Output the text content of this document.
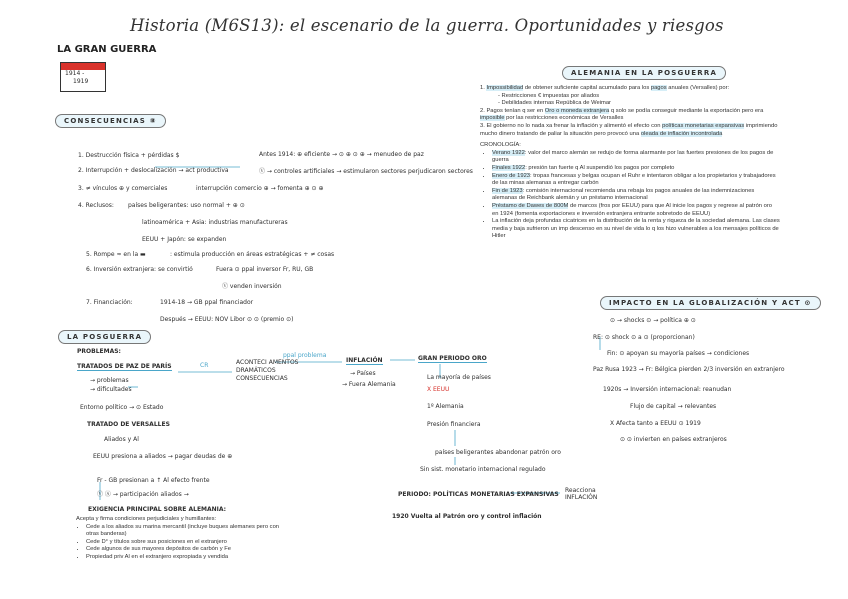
Historia (M6S13): el escenario de la guerra. Oportunidades y riesgos
LA GRAN GUERRA
1914 -
1919
CONSECUENCIAS ⑧
1. Destrucción física + pérdidas $
2. Interrupción + deslocalización → act productiva
3. ≠ vínculos ⊕ y comerciales
4. Reclusos:
5. Rompe ≈ en la ▬
6. Inversión extranjera: se convirtió
7. Financiación:
Antes 1914: ⊕ eficiente → ⊙ ⊕ ⊙ ⊕ → menudeo de paz
Ⓥ → controles artificiales → estimularon sectores perjudicaron sectores
interrupción comercio ⊕ → fomenta ⊕ ⊙ ⊕
países beligerantes: uso normal + ⊕ ⊙
latinoamérica + Asia: industrias manufactureras
EEUU + Japón: se expanden
: estimula producción en áreas estratégicas + ≠ cosas
Fuera ⊙ ppal inversor Fr, RU, GB
Ⓥ venden inversión
1914-18 → GB ppal financiador
Después → EEUU: NOV Libor ⊙ ⊙ (premio ⊙)
LA POSGUERRA
PROBLEMAS:
TRATADOS DE PAZ DE PARÍS	CR	ACONTECI AMENTOS
DRAMÁTICOS
CONSECUENCIAS
ppal problema
INFLACIÓN	GRAN PERIODO ORO
→ Países
→ Fuera Alemania
La mayoría de países
X EEUU
1º Alemania
Presión financiera
países beligerantes abandonar patrón oro
Sin sist. monetario internacional regulado
→ problemas
→ dificultades
Entorno político → ⊙ Estado
TRATADO DE VERSALLES
Aliados y Al
EEUU presiona a aliados → pagar deudas de ⊕
Fr - GB presionan a ↑ Al efecto frente
Ⓥ Ⓢ → participación aliados →
EXIGENCIA PRINCIPAL SOBRE ALEMANIA:
Acepta y firma condiciones perjudiciales y humillantes:
• Cede a los aliados su marina mercantil (incluye buques alemanes pero con otras banderas)
• Cede D° y títulos sobre sus posiciones en el extranjero
• Cede algunos de sus mayores depósitos de carbón y Fe
• Propiedad priv Al en el extranjero expropiada y vendida
PERIODO: POLÍTICAS MONETARIAS EXPANSIVAS
Reacciona INFLACIÓN
1920 Vuelta al Patrón oro y control inflación
ALEMANIA EN LA POSGUERRA
1. Impossibilidad de obtener suficiente capital acumulado para los pagos anuales (Versalles) por:
- Restricciones € impuestas por aliados
- Debilidades internas República de Weimar
2. Pagos tenían q ser en Oro o moneda extranjera q solo se podía conseguir mediante la exportación pero era imposible por las restricciones económicas de Versalles
3. El gobierno no lo nada xa frenar la inflación y alimentó el efecto con políticas monetarias expansivas imprimiendo mucho dinero tratando de paliar la situación pero provocó una oleada de inflación incontrolada
CRONOLOGÍA:
• Verano 1922: valor del marco alemán se redujo de forma alarmante por las fuertes presiones de los pagos de guerra
• Finales 1922: presión tan fuerte q Al suspendió los pagos por completo
• Enero de 1923: tropas francesas y belgas ocupan el Ruhr e intentaron obligar a los propietarios y trabajadores de las minas alemanas a entregar carbón
• Fin de 1923: comisión internacional recomienda una rebaja los pagos anuales de las indemnizaciones alemanas de Reichbank alemán y un préstamo internacional
• Préstamo de Dawes de 800M de marcos (fros por EEUU) para que Al inicie los pagos y regrese al patrón oro en 1924 (fomenta exportaciones e inversión extranjera entrante sobretodo de EEUU)
• La inflación deja profundas cicatrices en la distribución de la renta y riqueza de la sociedad alemana. Las clases media y baja sufrieron un imp descenso en su nivel de vida lo q los hizo vulnerables a los mensajes políticos de Hitler
IMPACTO EN LA GLOBALIZACIÓN Y ACT ⊙
⊙ → shocks ⊙ → política ⊕ ⊙
RE: ⊙ shock ⊙ a ⊙ (proporcionan)
Fin: ⊙ apoyan su mayoría países → condiciones
Paz Rusa 1923 → Fr: Bélgica pierden 2/3 inversión en extranjero
1920s → Inversión internacional: reanudan
Flujo de capital → relevantes
X Afecta tanto a EEUU ⊙ 1919
⊙ ⊙ invierten en países extranjeros
